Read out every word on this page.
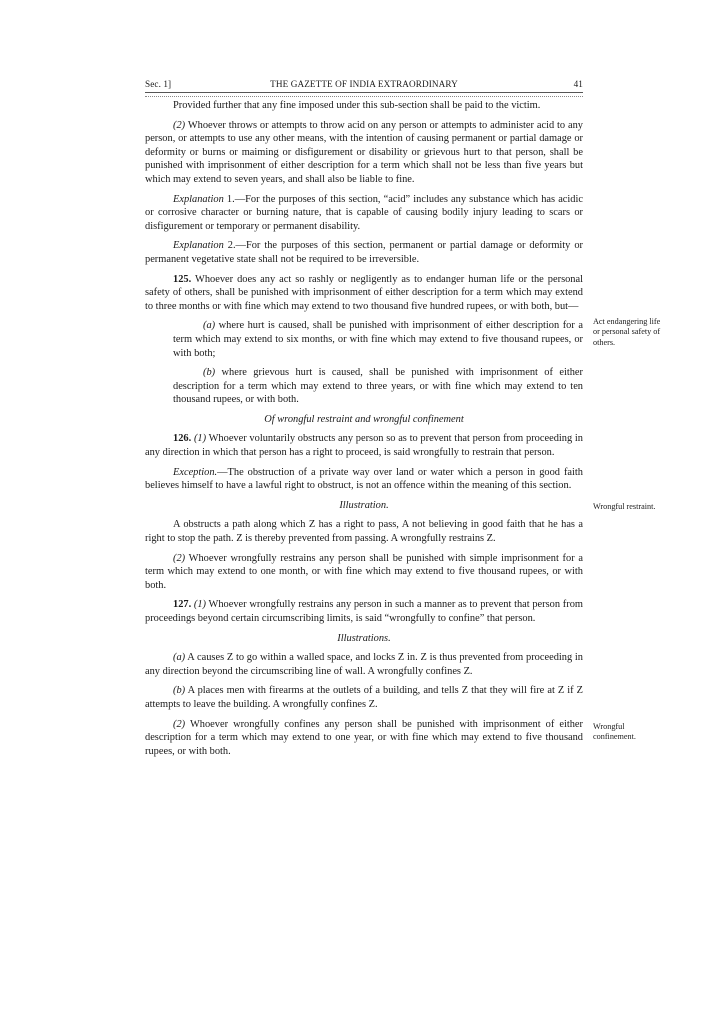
Sec. 1]	THE GAZETTE OF INDIA EXTRAORDINARY	41

Provided further that any fine imposed under this sub-section shall be paid to the victim.

(2) Whoever throws or attempts to throw acid on any person or attempts to administer acid to any person, or attempts to use any other means, with the intention of causing permanent or partial damage or deformity or burns or maiming or disfigurement or disability or grievous hurt to that person, shall be punished with imprisonment of either description for a term which shall not be less than five years but which may extend to seven years, and shall also be liable to fine.

Explanation 1.—For the purposes of this section, “acid” includes any substance which has acidic or corrosive character or burning nature, that is capable of causing bodily injury leading to scars or disfigurement or temporary or permanent disability.

Explanation 2.—For the purposes of this section, permanent or partial damage or deformity or permanent vegetative state shall not be required to be irreversible.

125. Whoever does any act so rashly or negligently as to endanger human life or the personal safety of others, shall be punished with imprisonment of either description for a term which may extend to three months or with fine which may extend to two thousand five hundred rupees, or with both, but—

(a) where hurt is caused, shall be punished with imprisonment of either description for a term which may extend to six months, or with fine which may extend to five thousand rupees, or with both;

(b) where grievous hurt is caused, shall be punished with imprisonment of either description for a term which may extend to three years, or with fine which may extend to ten thousand rupees, or with both.

Of wrongful restraint and wrongful confinement

126. (1) Whoever voluntarily obstructs any person so as to prevent that person from proceeding in any direction in which that person has a right to proceed, is said wrongfully to restrain that person.

Exception.—The obstruction of a private way over land or water which a person in good faith believes himself to have a lawful right to obstruct, is not an offence within the meaning of this section.

Illustration.

A obstructs a path along which Z has a right to pass, A not believing in good faith that he has a right to stop the path. Z is thereby prevented from passing. A wrongfully restrains Z.

(2) Whoever wrongfully restrains any person shall be punished with simple imprisonment for a term which may extend to one month, or with fine which may extend to five thousand rupees, or with both.

127. (1) Whoever wrongfully restrains any person in such a manner as to prevent that person from proceedings beyond certain circumscribing limits, is said “wrongfully to confine” that person.

Illustrations.

(a) A causes Z to go within a walled space, and locks Z in. Z is thus prevented from proceeding in any direction beyond the circumscribing line of wall. A wrongfully confines Z.

(b) A places men with firearms at the outlets of a building, and tells Z that they will fire at Z if Z attempts to leave the building. A wrongfully confines Z.

(2) Whoever wrongfully confines any person shall be punished with imprisonment of either description for a term which may extend to one year, or with fine which may extend to five thousand rupees, or with both.

Act endangering life or personal safety of others.
Wrongful restraint.
Wrongful confinement.
